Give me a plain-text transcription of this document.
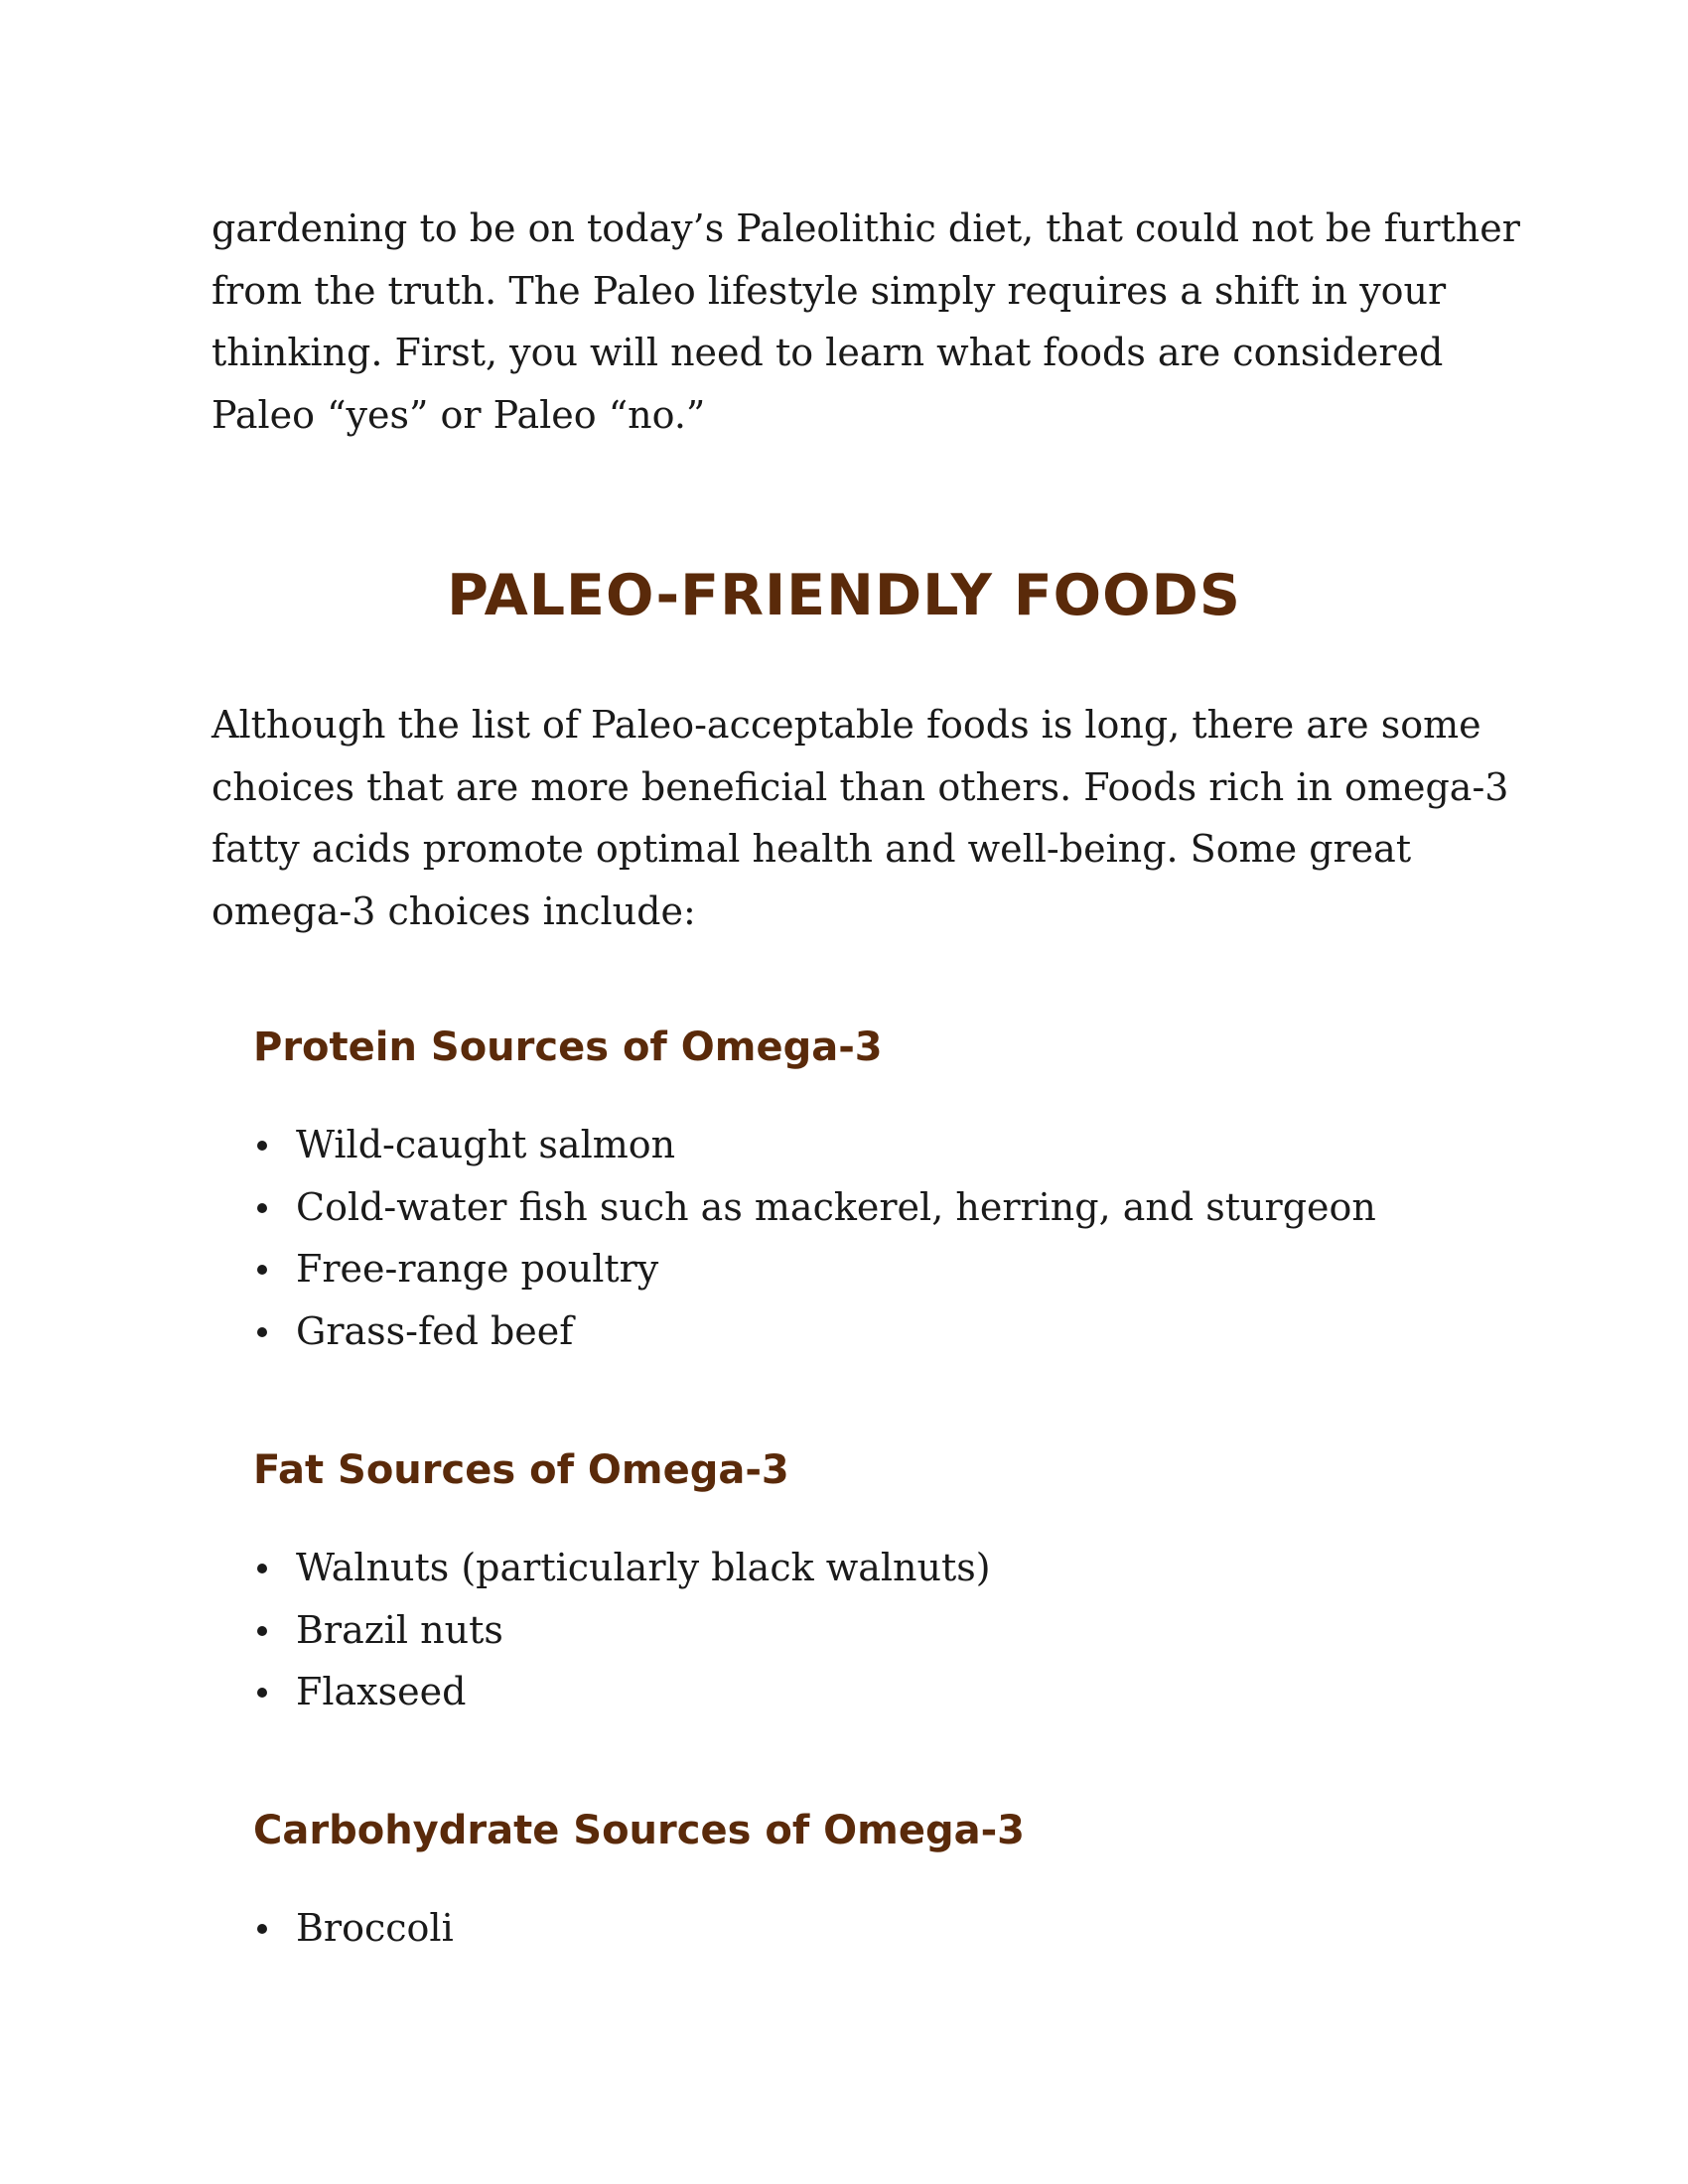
gardening to be on today’s Paleolithic diet, that could not be further
from the truth. The Paleo lifestyle simply requires a shift in your
thinking. First, you will need to learn what foods are considered
Paleo “yes” or Paleo “no.”

PALEO-FRIENDLY FOODS

Although the list of Paleo-acceptable foods is long, there are some
choices that are more beneficial than others. Foods rich in omega-3
fatty acids promote optimal health and well-being. Some great
omega-3 choices include:

Protein Sources of Omega-3
Wild-caught salmon
Cold-water fish such as mackerel, herring, and sturgeon
Free-range poultry
Grass-fed beef
Fat Sources of Omega-3
Walnuts (particularly black walnuts)
Brazil nuts
Flaxseed
Carbohydrate Sources of Omega-3
Broccoli
